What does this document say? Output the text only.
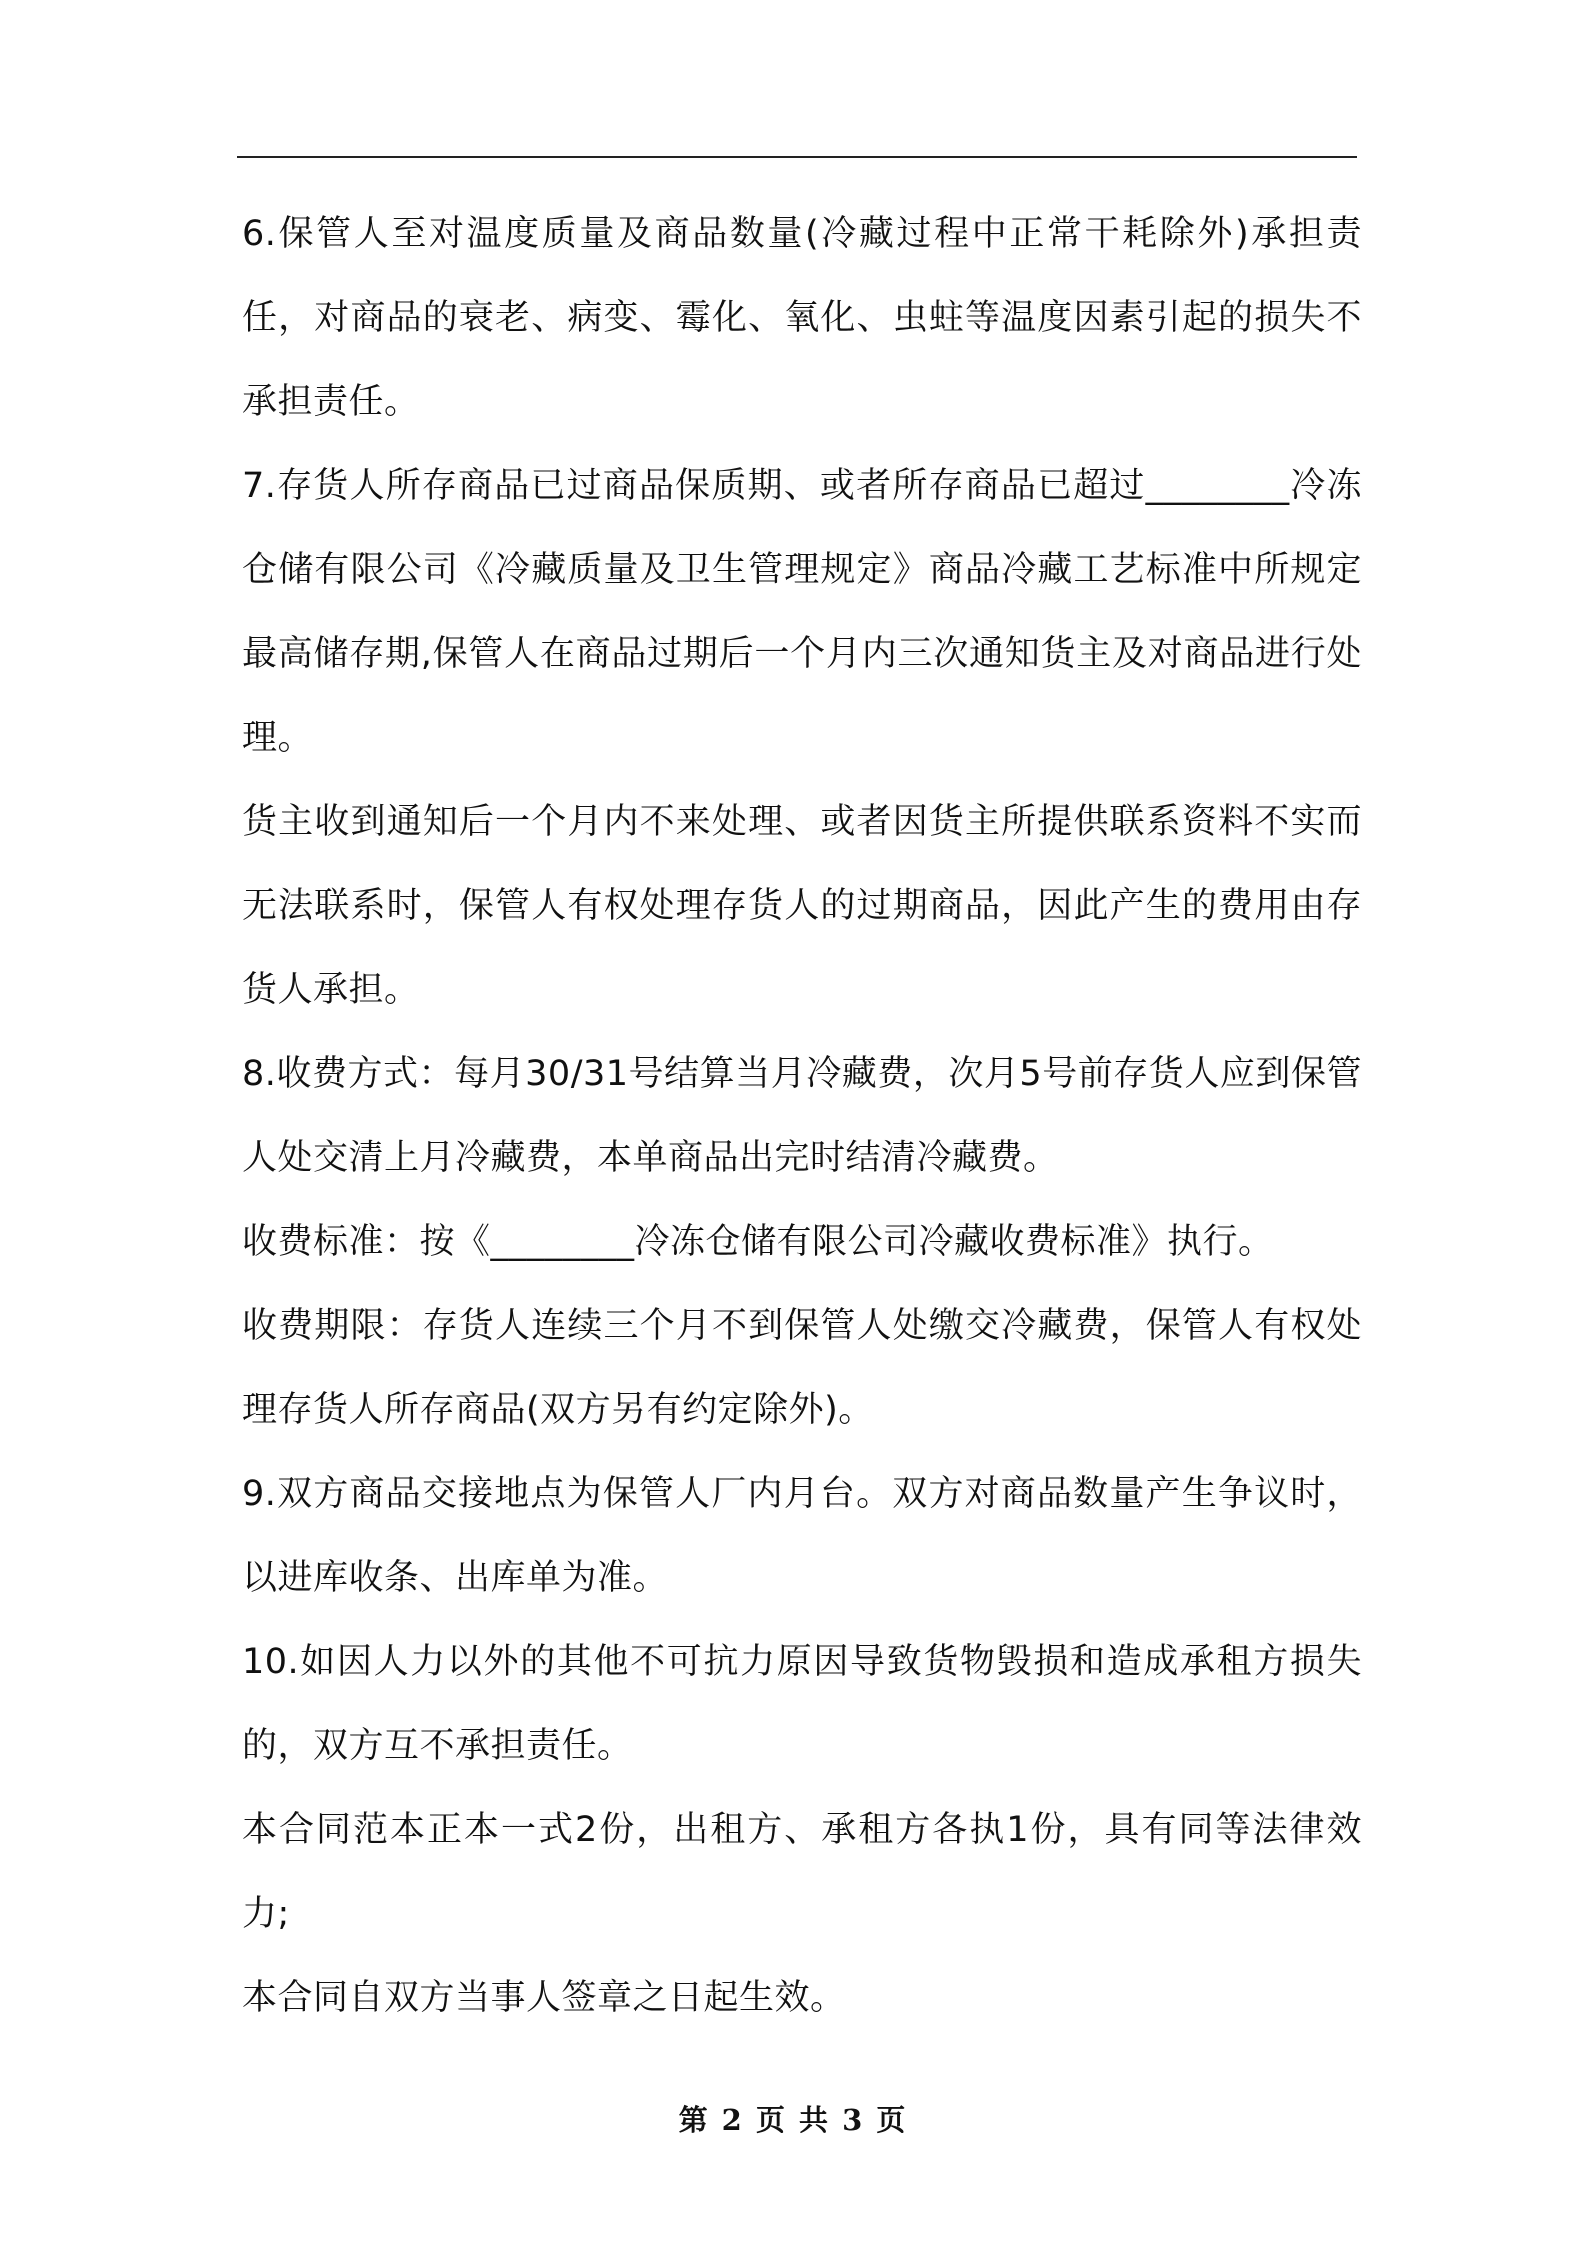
6.保管人至对温度质量及商品数量(冷藏过程中正常干耗除外)承担责任，对商品的衰老、病变、霉化、氧化、虫蛀等温度因素引起的损失不承担责任。

7.存货人所存商品已过商品保质期、或者所存商品已超过________冷冻仓储有限公司《冷藏质量及卫生管理规定》商品冷藏工艺标准中所规定最高储存期,保管人在商品过期后一个月内三次通知货主及对商品进行处理。

货主收到通知后一个月内不来处理、或者因货主所提供联系资料不实而无法联系时，保管人有权处理存货人的过期商品，因此产生的费用由存货人承担。

8.收费方式：每月30/31号结算当月冷藏费，次月5号前存货人应到保管人处交清上月冷藏费，本单商品出完时结清冷藏费。

收费标准：按《________冷冻仓储有限公司冷藏收费标准》执行。

收费期限：存货人连续三个月不到保管人处缴交冷藏费，保管人有权处理存货人所存商品(双方另有约定除外)。

9.双方商品交接地点为保管人厂内月台。双方对商品数量产生争议时，以进库收条、出库单为准。

10.如因人力以外的其他不可抗力原因导致货物毁损和造成承租方损失的，双方互不承担责任。

本合同范本正本一式2份，出租方、承租方各执1份，具有同等法律效力;

本合同自双方当事人签章之日起生效。

第 2 页 共 3 页
